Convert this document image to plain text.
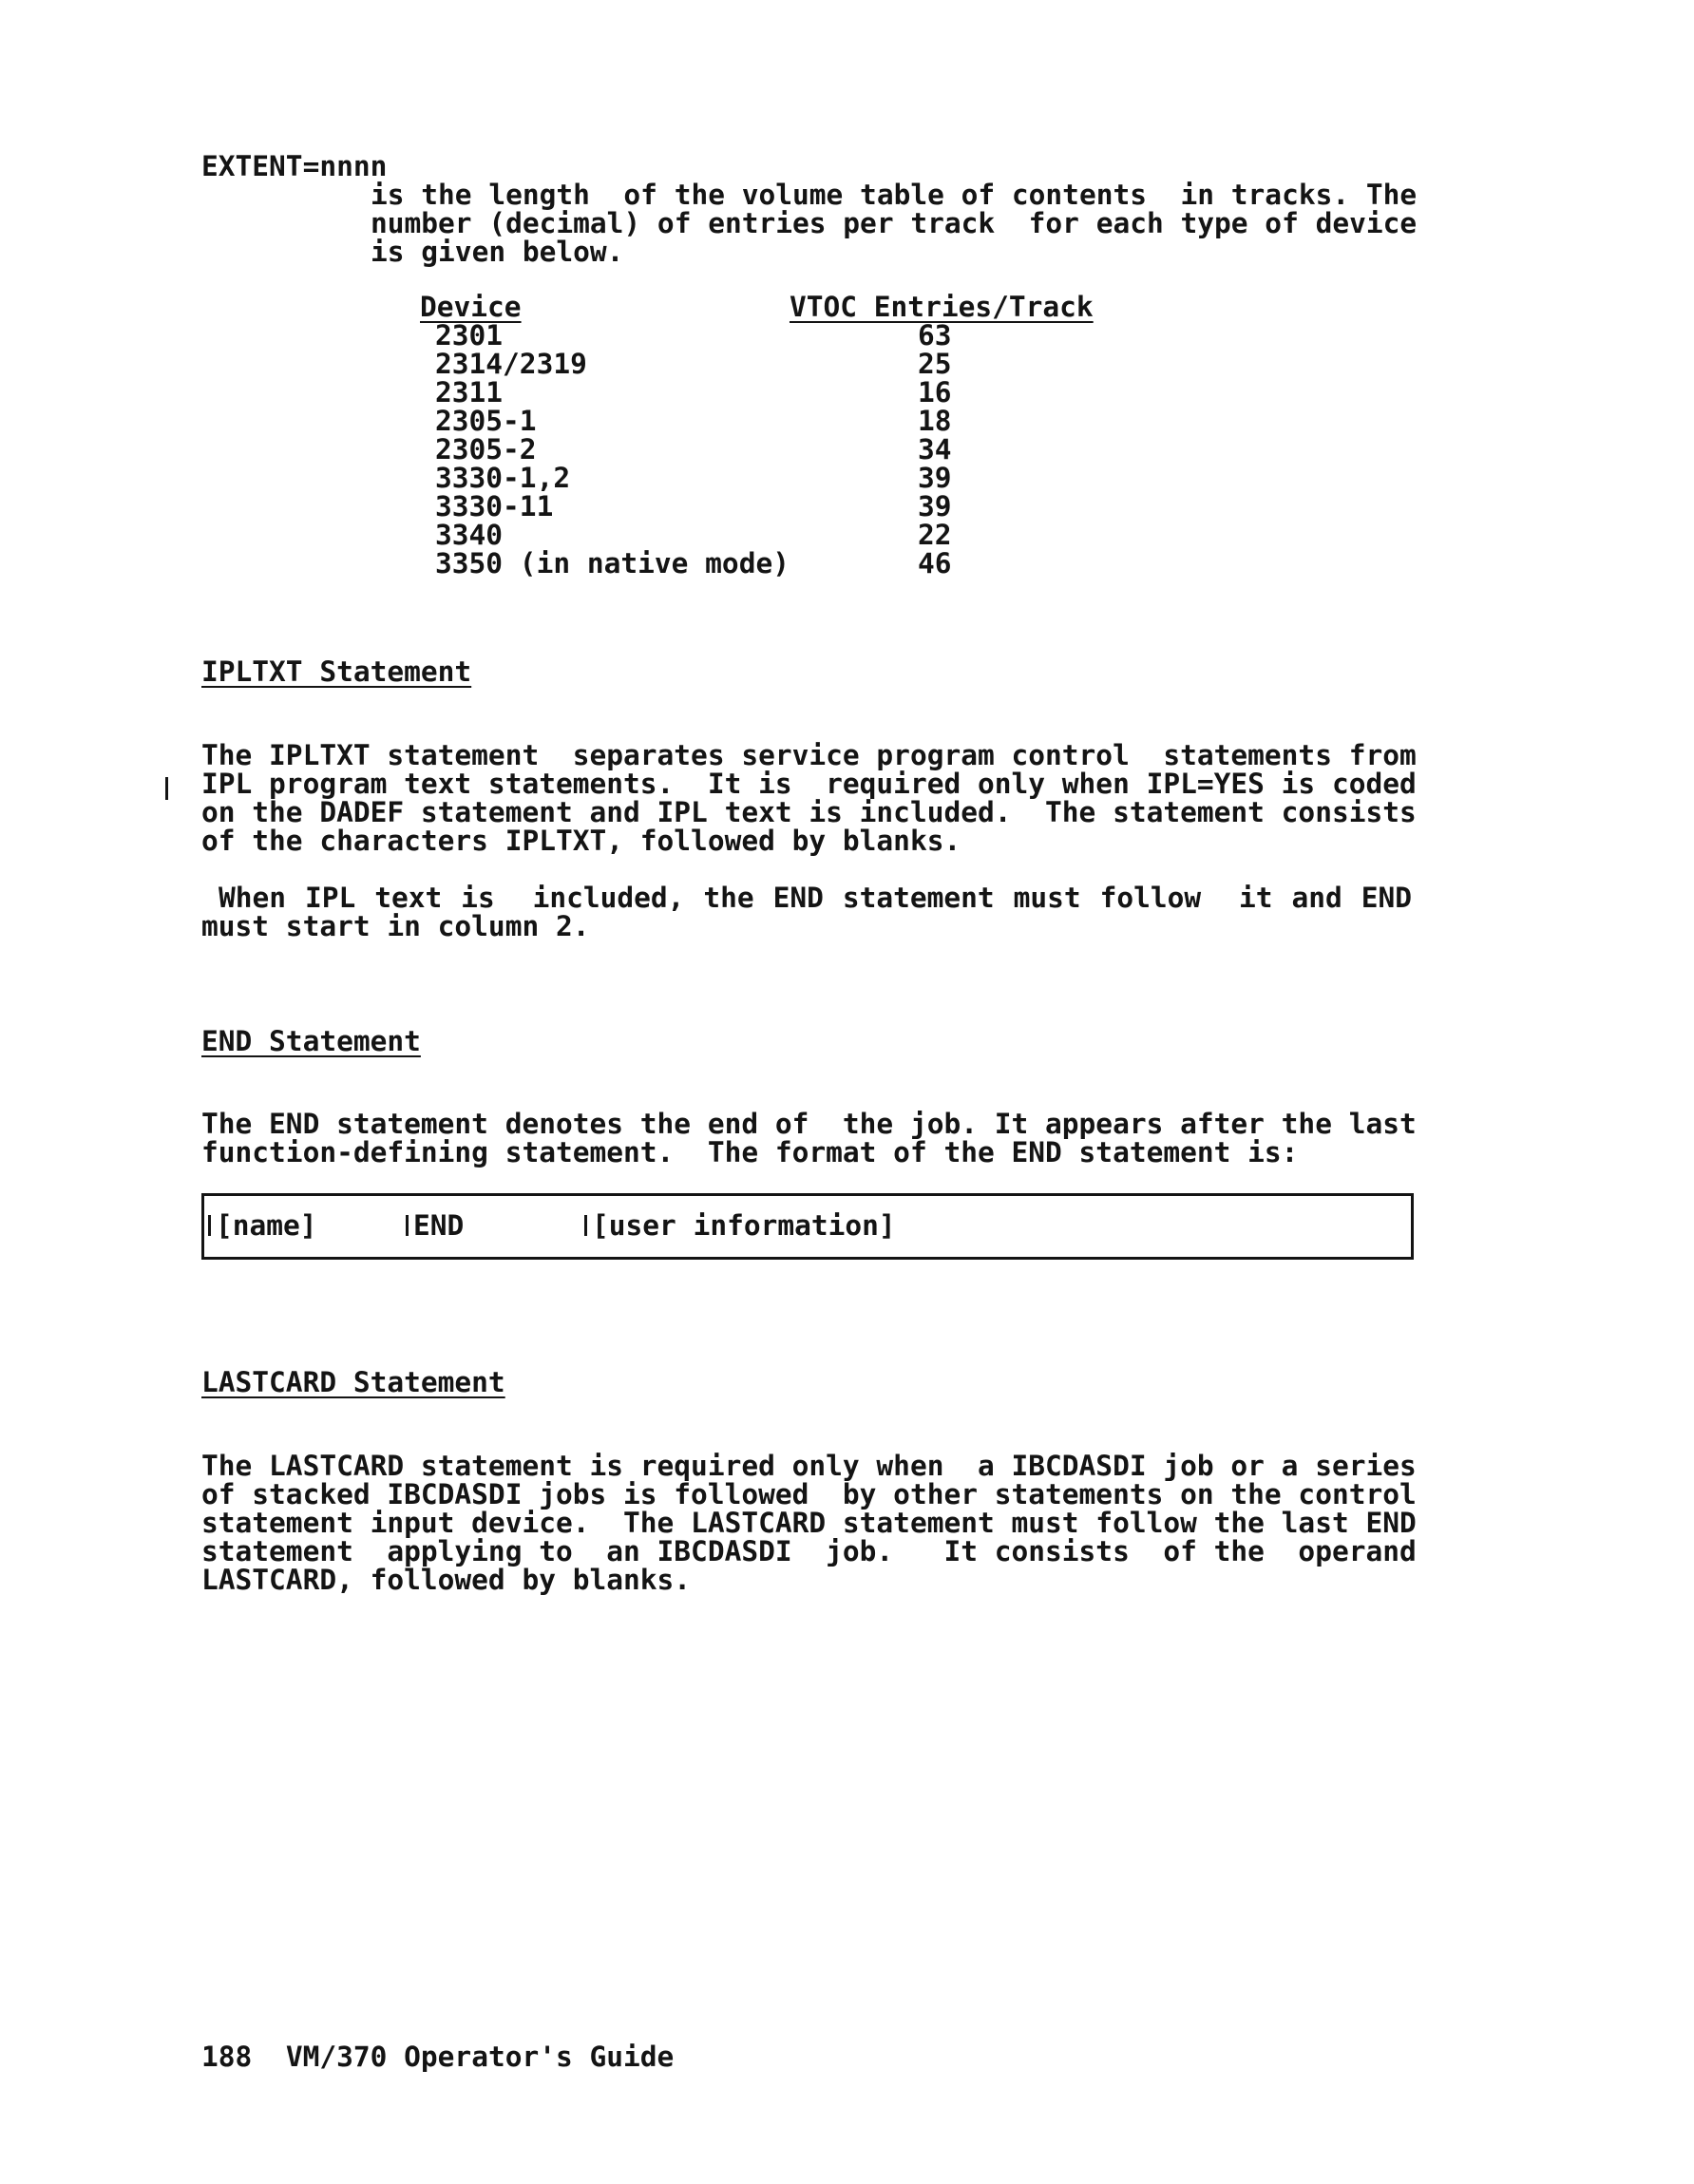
EXTENT=nnnn
is the length  of the volume table of contents  in tracks. The
number (decimal) of entries per track  for each type of device
is given below.
Device	VTOC Entries/Track
2301	63
2314/2319	25
2311	16
2305-1	18
2305-2	34
3330-1,2	39
3330-11	39
3340	22
3350 (in native mode)	46
IPLTXT Statement
The IPLTXT statement  separates service program control  statements from
IPL program text statements.  It is  required only when IPL=YES is coded
on the DADEF statement and IPL text is included.  The statement consists
of the characters IPLTXT, followed by blanks.
When IPL text is  included, the END statement must follow  it and END
must start in column 2.
END Statement
The END statement denotes the end of  the job. It appears after the last
function-defining statement.  The format of the END statement is:
[name]	END	[user information]
LASTCARD Statement
The LASTCARD statement is required only when  a IBCDASDI job or a series
of stacked IBCDASDI jobs is followed  by other statements on the control
statement input device.  The LASTCARD statement must follow the last END
statement  applying to  an IBCDASDI  job.   It consists  of the  operand
LASTCARD, followed by blanks.
188 VM/370 Operator's Guide
